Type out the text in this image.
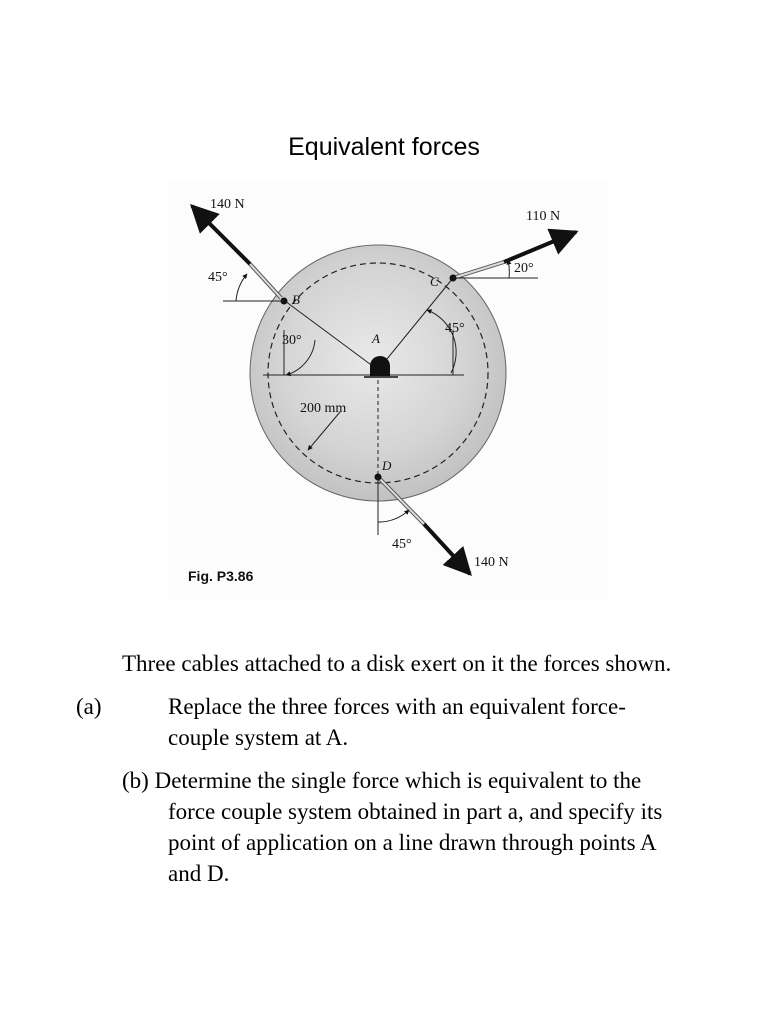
Equivalent forces
140 N
110 N
140 N
45°
30°
20°
45°
45°
200 mm
A
B
C
D
Fig. P3.86

Three cables attached to a disk exert on it the forces shown.

(a)	Replace the three forces with an equivalent force-couple system at A.

(b) Determine the single force which is equivalent to the force couple system obtained in part a, and specify its point of application on a line drawn through points A and D.
